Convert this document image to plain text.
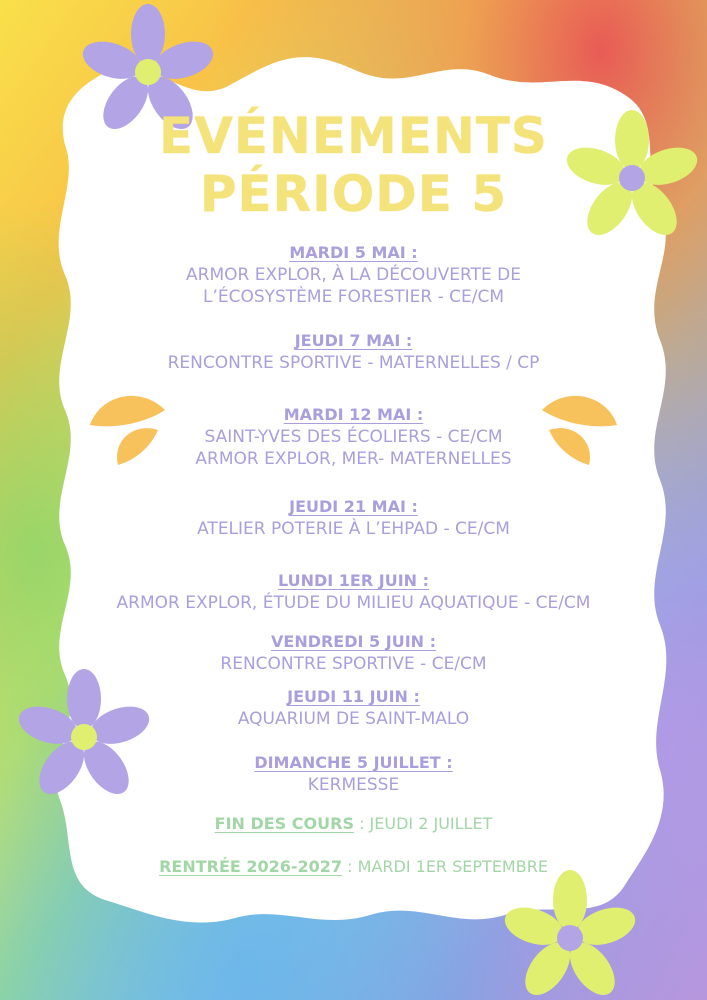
EVÉNEMENTS
PÉRIODE 5
MARDI 5 MAI :
ARMOR EXPLOR, À LA DÉCOUVERTE DE
L’ÉCOSYSTÈME FORESTIER - CE/CM
JEUDI 7 MAI :
RENCONTRE SPORTIVE - MATERNELLES / CP
MARDI 12 MAI :
SAINT-YVES DES ÉCOLIERS - CE/CM
ARMOR EXPLOR, MER- MATERNELLES
JEUDI 21 MAI :
ATELIER POTERIE À L’EHPAD - CE/CM
LUNDI 1ER JUIN :
ARMOR EXPLOR, ÉTUDE DU MILIEU AQUATIQUE - CE/CM
VENDREDI 5 JUIN :
RENCONTRE SPORTIVE - CE/CM
JEUDI 11 JUIN :
AQUARIUM DE SAINT-MALO
DIMANCHE 5 JUILLET :
KERMESSE
FIN DES COURS : JEUDI 2 JUILLET
RENTRÉE 2026-2027 : MARDI 1ER SEPTEMBRE
